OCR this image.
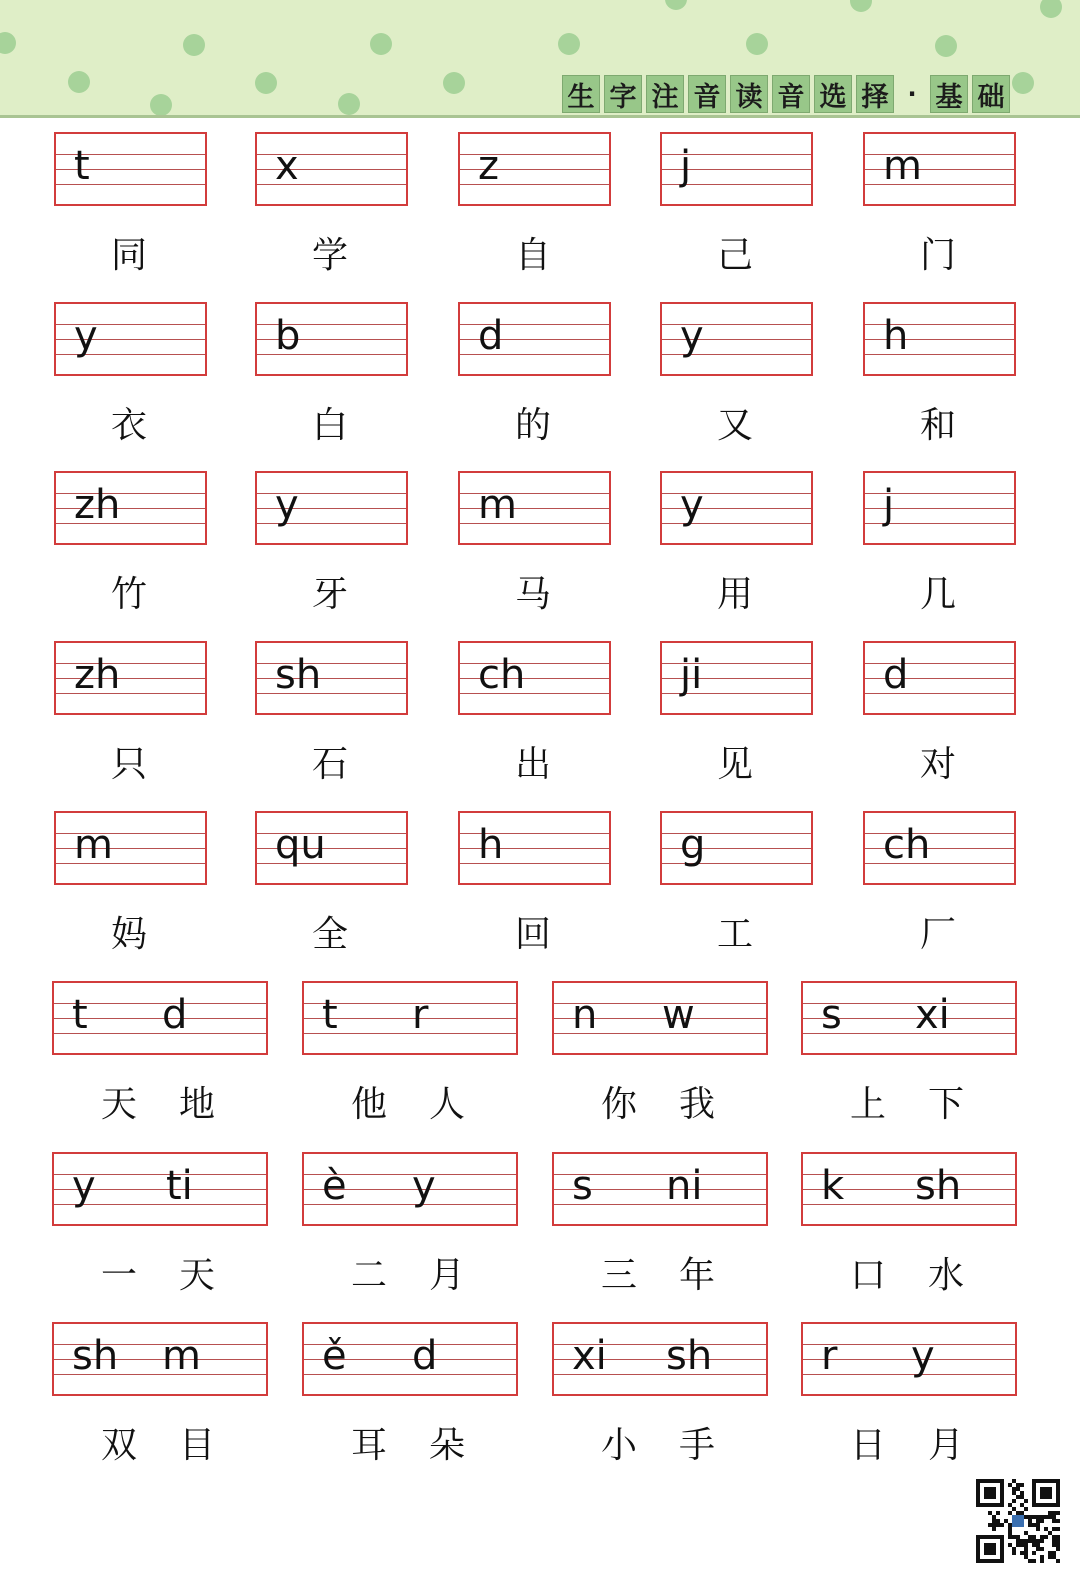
生 字 注 音 读 音 选 择 · 基 础
t
同
x
学
z
自
j
己
m
门
y
衣
b
白
d
的
y
又
h
和
zh
竹
y
牙
m
马
y
用
j
几
zh
只
sh
石
ch
出
ji
见
d
对
m
妈
qu
全
h
回
g
工
ch
厂
t d
天 地
t r
他 人
n w
你 我
s xi
上 下
y ti
一 天
è y
二 月
s ni
三 年
k sh
口 水
sh m
双 目
ě d
耳 朵
xi sh
小 手
r y
日 月
